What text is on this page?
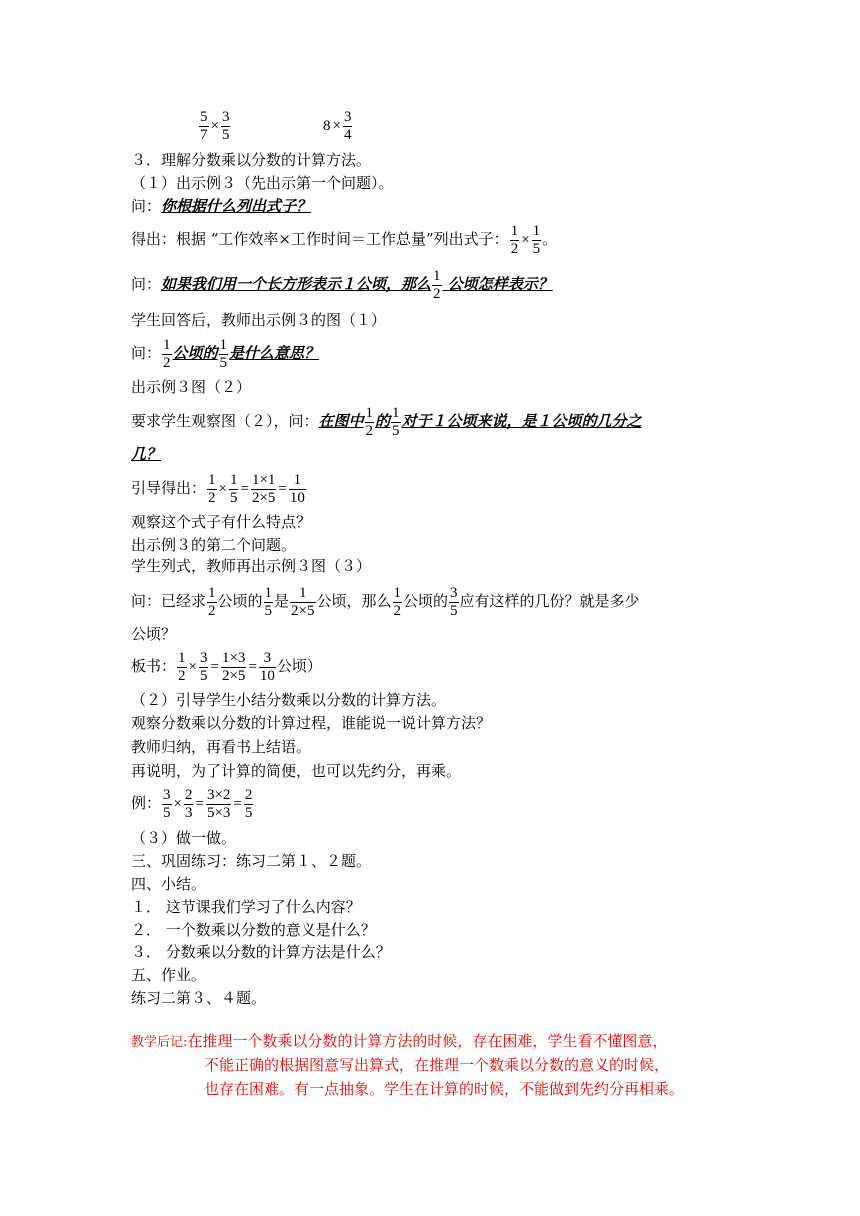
$\frac{5}{7} \times \frac{3}{5}$	$8 \times \frac{3}{4}$
３．理解分数乘以分数的计算方法。
（１）出示例３（先出示第一个问题）。
问：你根据什么列出式子？
得出：根据 “工作效率×工作时间＝工作总量”列出式子： $\frac{1}{2} \times \frac{1}{5}$ 。
问：如果我们用一个长方形表示１公顷，那么 $\frac{1}{2}$ 公顷怎样表示？
学生回答后，教师出示例３的图（１）
问： $\frac{1}{2}$ 公顷的 $\frac{1}{5}$ 是什么意思？
出示例３图（２）
要求学生观察图（２），问：在图中 $\frac{1}{2}$ 的 $\frac{1}{5}$ 对于１公顷来说，是１公顷的几分之
几？
引导得出： $\frac{1}{2} \times \frac{1}{5} = \frac{1\times 1}{2\times 5} = \frac{1}{10}$
观察这个式子有什么特点？
出示例３的第二个问题。
学生列式，教师再出示例３图（３）
问：已经求 $\frac{1}{2}$ 公顷的 $\frac{1}{5}$ 是 $\frac{1}{2\times 5}$ 公顷，那么 $\frac{1}{2}$ 公顷的 $\frac{3}{5}$ 应有这样的几份？就是多少
公顷？
板书： $\frac{1}{2} \times \frac{3}{5} = \frac{1\times 3}{2\times 5} = \frac{3}{10}$ 公顷）
（２）引导学生小结分数乘以分数的计算方法。
观察分数乘以分数的计算过程，谁能说一说计算方法？
教师归纳，再看书上结语。
再说明，为了计算的简便，也可以先约分，再乘。
例： $\frac{3}{5} \times \frac{2}{3} = \frac{3\times 2}{5\times 3} = \frac{2}{5}$
（３）做一做。
三、巩固练习：练习二第１、２题。
四、小结。
１． 这节课我们学习了什么内容？
２． 一个数乘以分数的意义是什么？
３． 分数乘以分数的计算方法是什么？
五、作业。
练习二第３、４题。
教学后记:在推理一个数乘以分数的计算方法的时候，存在困难，学生看不懂图意，
不能正确的根据图意写出算式，在推理一个数乘以分数的意义的时候，
也存在困难。有一点抽象。学生在计算的时候，不能做到先约分再相乘。
